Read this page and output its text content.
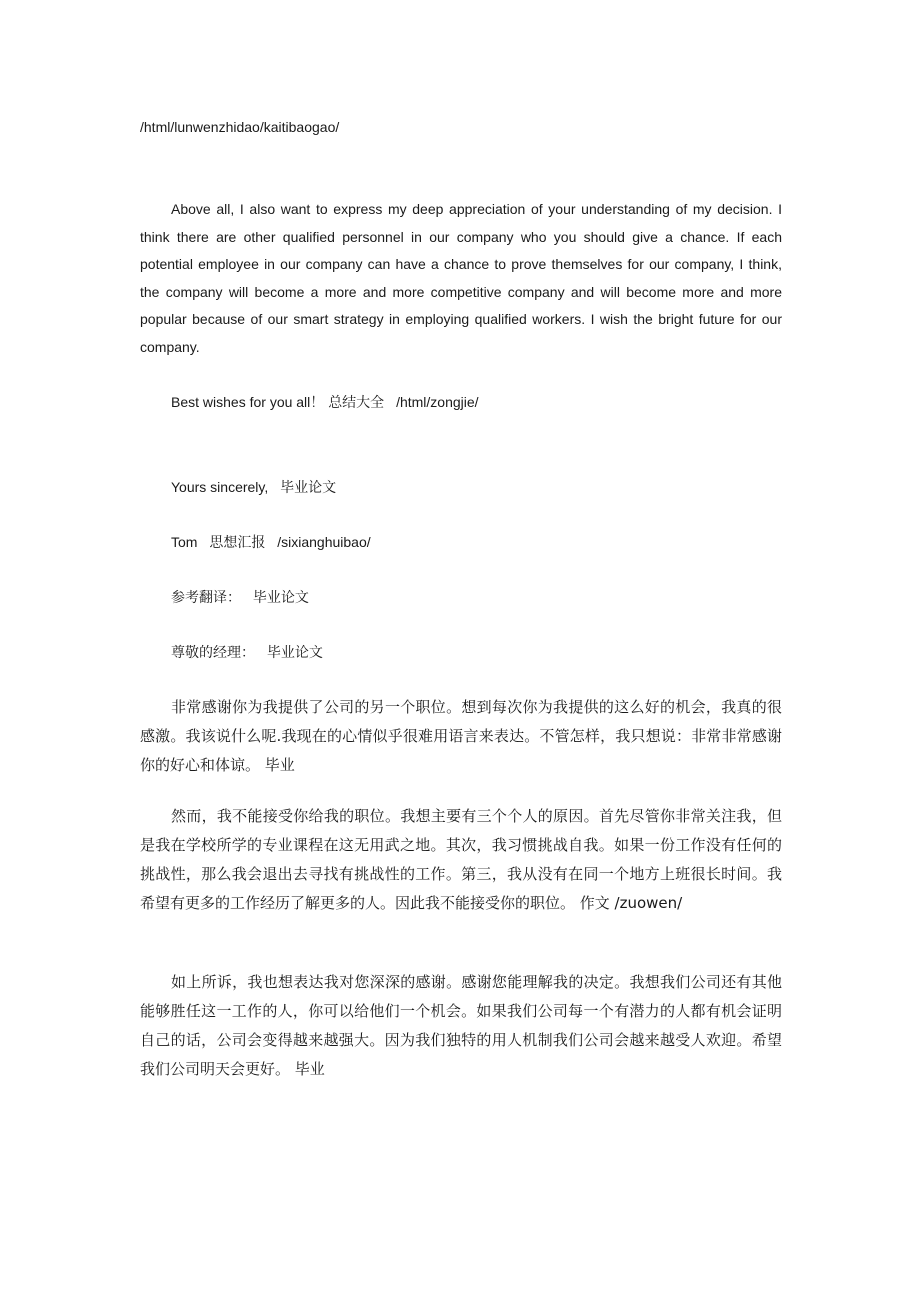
/html/lunwenzhidao/kaitibaogao/

Above all, I also want to express my deep appreciation of your understanding of my decision. I think there are other qualified personnel in our company who you should give a chance. If each potential employee in our company can have a chance to prove themselves for our company, I think, the company will become a more and more competitive company and will become more and more popular because of our smart strategy in employing qualified workers. I wish the bright future for our company.

Best wishes for you all！ 总结大全 /html/zongjie/
Yours sincerely, 毕业论文
Tom 思想汇报 /sixianghuibao/
参考翻译： 毕业论文
尊敬的经理： 毕业论文

非常感谢你为我提供了公司的另一个职位。想到每次你为我提供的这么好的机会，我真的很感激。我该说什么呢.我现在的心情似乎很难用语言来表达。不管怎样，我只想说：非常非常感谢你的好心和体谅。 毕业

然而，我不能接受你给我的职位。我想主要有三个个人的原因。首先尽管你非常关注我，但是我在学校所学的专业课程在这无用武之地。其次，我习惯挑战自我。如果一份工作没有任何的挑战性，那么我会退出去寻找有挑战性的工作。第三，我从没有在同一个地方上班很长时间。我希望有更多的工作经历了解更多的人。因此我不能接受你的职位。 作文 /zuowen/

如上所诉，我也想表达我对您深深的感谢。感谢您能理解我的决定。我想我们公司还有其他能够胜任这一工作的人，你可以给他们一个机会。如果我们公司每一个有潜力的人都有机会证明自己的话，公司会变得越来越强大。因为我们独特的用人机制我们公司会越来越受人欢迎。希望我们公司明天会更好。 毕业
